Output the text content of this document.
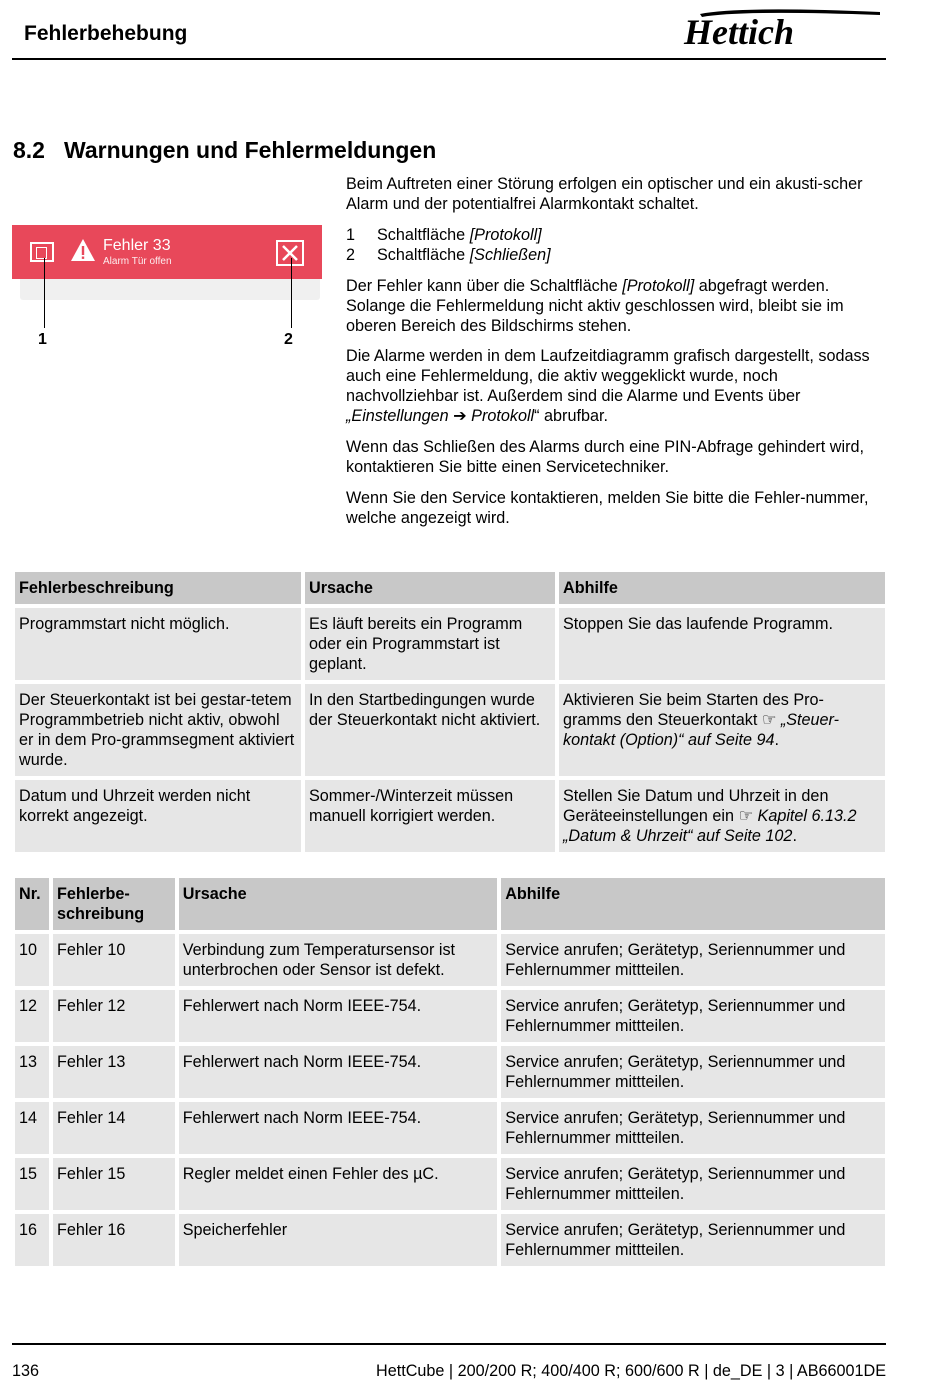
Fehlerbehebung	Hettich
8.2 Warnungen und Fehlermeldungen
Fehler 33
Alarm Tür offen
1	2
Beim Auftreten einer Störung erfolgen ein optischer und ein akusti-scher Alarm und der potentialfrei Alarmkontakt schaltet.
1 Schaltfläche [Protokoll]
2 Schaltfläche [Schließen]
Der Fehler kann über die Schaltfläche [Protokoll] abgefragt werden. Solange die Fehlermeldung nicht aktiv geschlossen wird, bleibt sie im oberen Bereich des Bildschirms stehen.
Die Alarme werden in dem Laufzeitdiagramm grafisch dargestellt, sodass auch eine Fehlermeldung, die aktiv weggeklickt wurde, noch nachvollziehbar ist. Außerdem sind die Alarme und Events über „Einstellungen ➔ Protokoll“ abrufbar.
Wenn das Schließen des Alarms durch eine PIN-Abfrage gehindert wird, kontaktieren Sie bitte einen Servicetechniker.
Wenn Sie den Service kontaktieren, melden Sie bitte die Fehler-nummer, welche angezeigt wird.
Fehlerbeschreibung	Ursache	Abhilfe
Programmstart nicht möglich.	Es läuft bereits ein Programm oder ein Programmstart ist geplant.	Stoppen Sie das laufende Programm.
Der Steuerkontakt ist bei gestar-tetem Programmbetrieb nicht aktiv, obwohl er in dem Pro-grammsegment aktiviert wurde.	In den Startbedingungen wurde der Steuerkontakt nicht aktiviert.	Aktivieren Sie beim Starten des Pro-gramms den Steuerkontakt ☞ „Steuer-kontakt (Option)“ auf Seite 94.
Datum und Uhrzeit werden nicht korrekt angezeigt.	Sommer-/Winterzeit müssen manuell korrigiert werden.	Stellen Sie Datum und Uhrzeit in den Geräteeinstellungen ein ☞ Kapitel 6.13.2 „Datum & Uhrzeit“ auf Seite 102.
Nr.	Fehlerbe-schreibung	Ursache	Abhilfe
10	Fehler 10	Verbindung zum Temperatursensor ist unterbrochen oder Sensor ist defekt.	Service anrufen; Gerätetyp, Seriennummer und Fehlernummer mittteilen.
12	Fehler 12	Fehlerwert nach Norm IEEE-754.	Service anrufen; Gerätetyp, Seriennummer und Fehlernummer mittteilen.
13	Fehler 13	Fehlerwert nach Norm IEEE-754.	Service anrufen; Gerätetyp, Seriennummer und Fehlernummer mittteilen.
14	Fehler 14	Fehlerwert nach Norm IEEE-754.	Service anrufen; Gerätetyp, Seriennummer und Fehlernummer mittteilen.
15	Fehler 15	Regler meldet einen Fehler des µC.	Service anrufen; Gerätetyp, Seriennummer und Fehlernummer mittteilen.
16	Fehler 16	Speicherfehler	Service anrufen; Gerätetyp, Seriennummer und Fehlernummer mittteilen.
136	HettCube | 200/200 R; 400/400 R; 600/600 R | de_DE | 3 | AB66001DE
